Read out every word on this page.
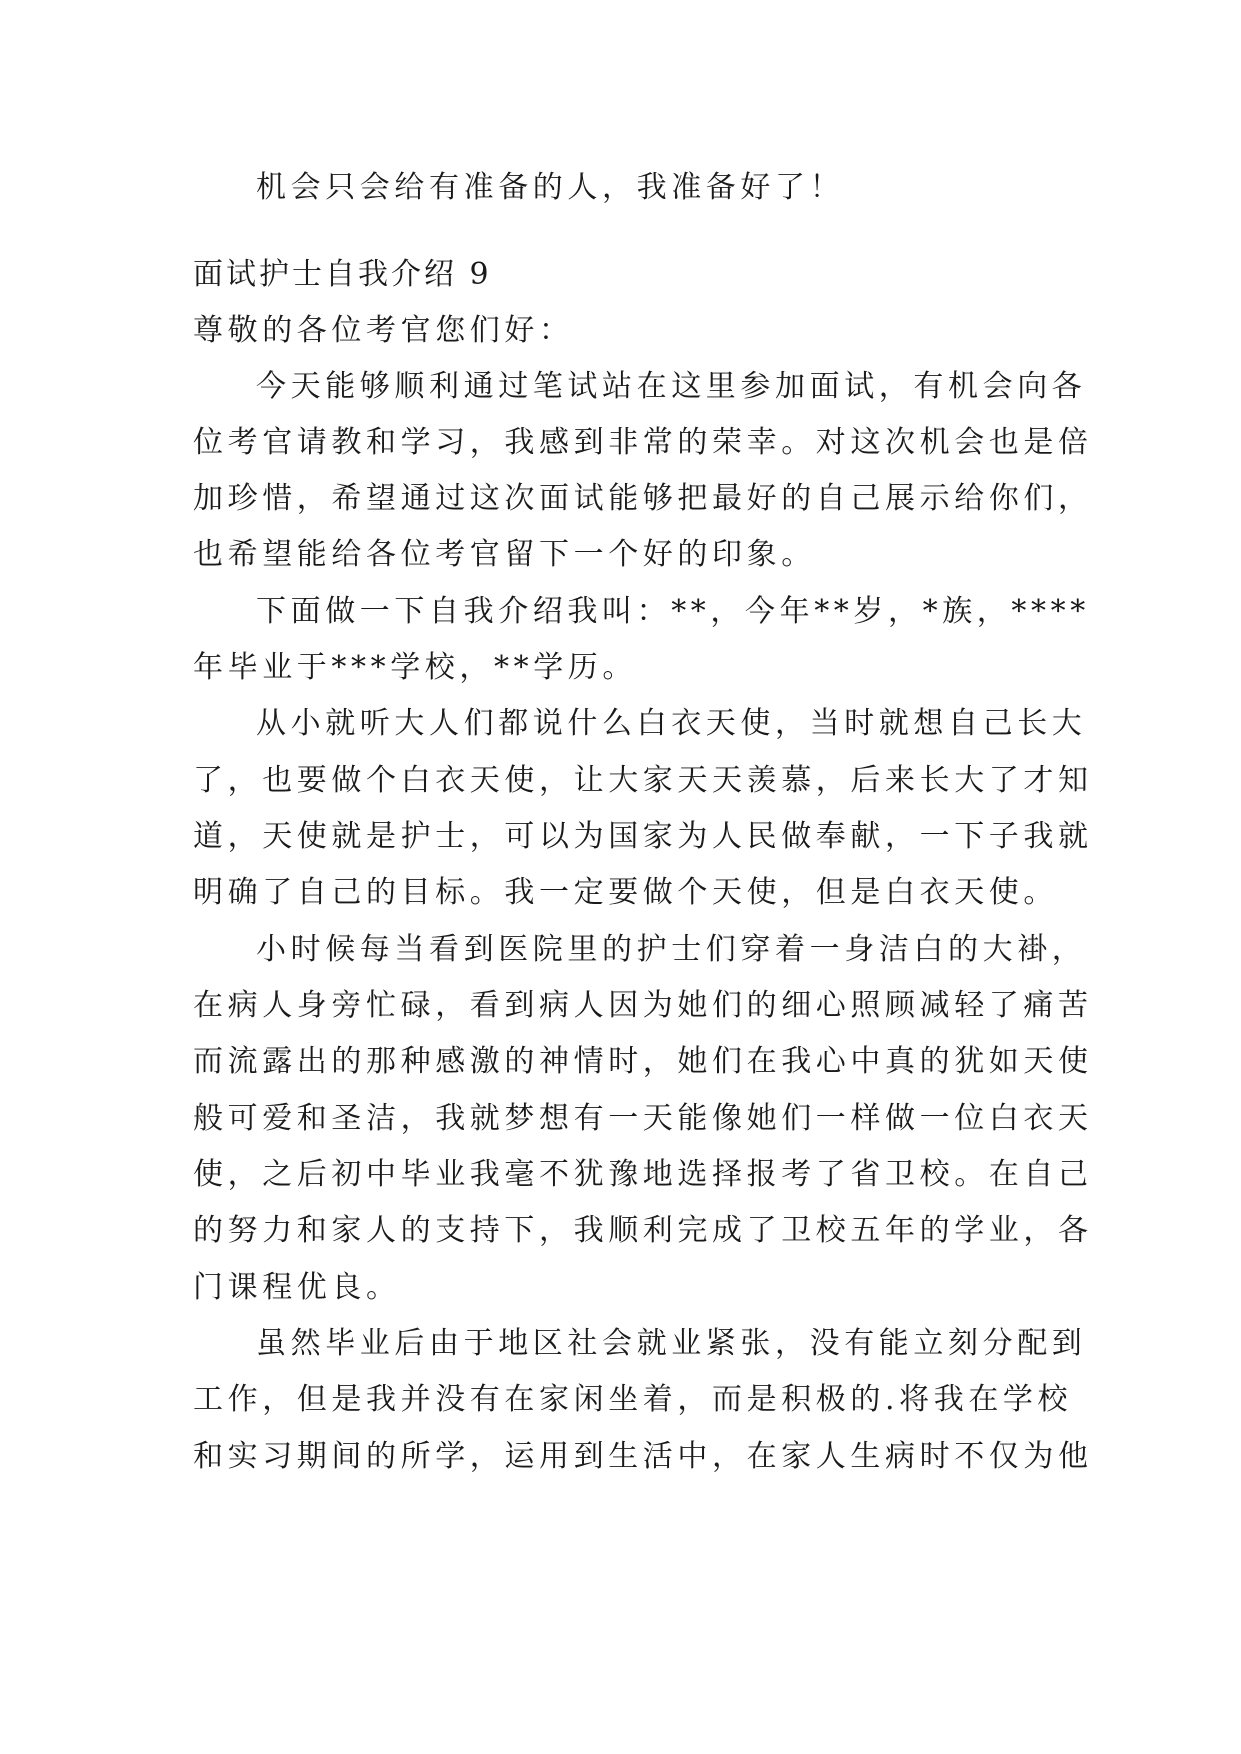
机会只会给有准备的人，我准备好了！
面试护士自我介绍 9
尊敬的各位考官您们好：
今天能够顺利通过笔试站在这里参加面试，有机会向各
位考官请教和学习，我感到非常的荣幸。对这次机会也是倍
加珍惜，希望通过这次面试能够把最好的自己展示给你们，
也希望能给各位考官留下一个好的印象。
下面做一下自我介绍我叫：**，今年**岁，*族，****
年毕业于***学校，**学历。
从小就听大人们都说什么白衣天使，当时就想自己长大
了，也要做个白衣天使，让大家天天羡慕，后来长大了才知
道，天使就是护士，可以为国家为人民做奉献，一下子我就
明确了自己的目标。我一定要做个天使，但是白衣天使。
小时候每当看到医院里的护士们穿着一身洁白的大褂，
在病人身旁忙碌，看到病人因为她们的细心照顾减轻了痛苦
而流露出的那种感激的神情时，她们在我心中真的犹如天使
般可爱和圣洁，我就梦想有一天能像她们一样做一位白衣天
使，之后初中毕业我毫不犹豫地选择报考了省卫校。在自己
的努力和家人的支持下，我顺利完成了卫校五年的学业，各
门课程优良。
虽然毕业后由于地区社会就业紧张，没有能立刻分配到
工作，但是我并没有在家闲坐着，而是积极的.将我在学校
和实习期间的所学，运用到生活中，在家人生病时不仅为他
